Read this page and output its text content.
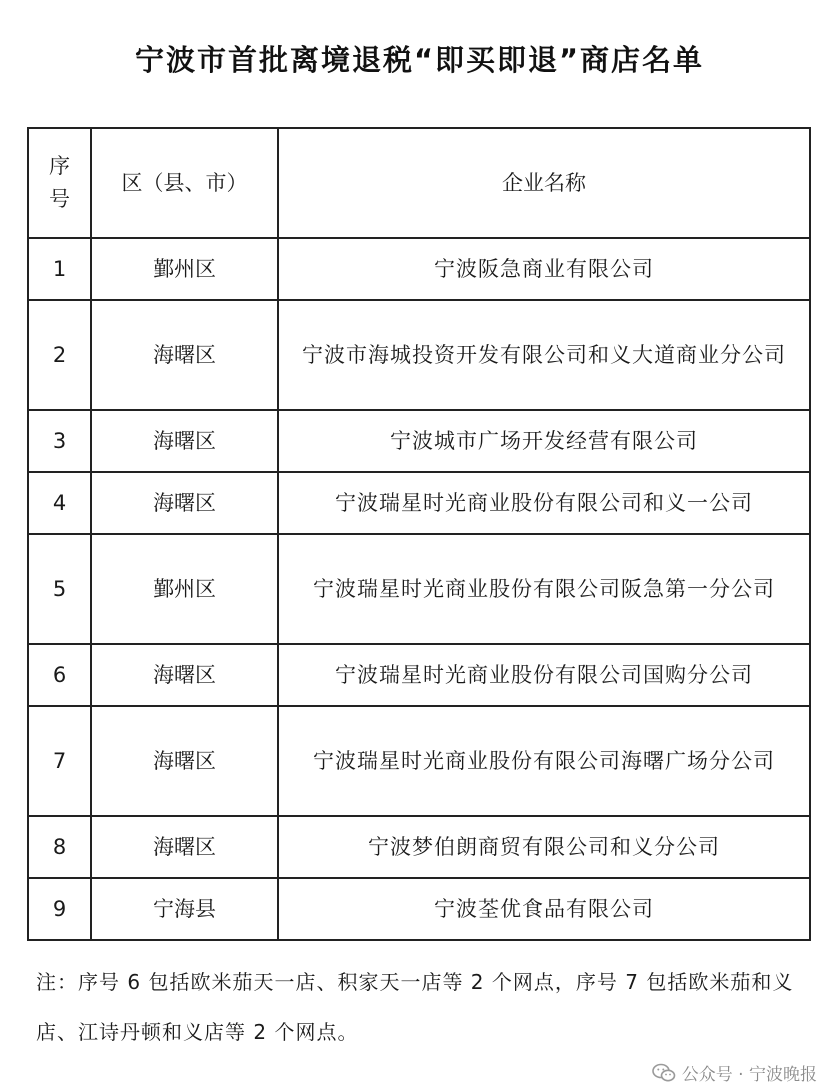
宁波市首批离境退税“即买即退”商店名单
序
号	区（县、市）	企业名称
1	鄞州区	宁波阪急商业有限公司
2	海曙区	宁波市海城投资开发有限公司和义大道商业分公司
3	海曙区	宁波城市广场开发经营有限公司
4	海曙区	宁波瑞星时光商业股份有限公司和义一公司
5	鄞州区	宁波瑞星时光商业股份有限公司阪急第一分公司
6	海曙区	宁波瑞星时光商业股份有限公司国购分公司
7	海曙区	宁波瑞星时光商业股份有限公司海曙广场分公司
8	海曙区	宁波梦伯朗商贸有限公司和义分公司
9	宁海县	宁波荃优食品有限公司
注：序号 6 包括欧米茄天一店、积家天一店等 2 个网点，序号 7 包括欧米茄和义店、江诗丹顿和义店等 2 个网点。
公众号 · 宁波晚报
